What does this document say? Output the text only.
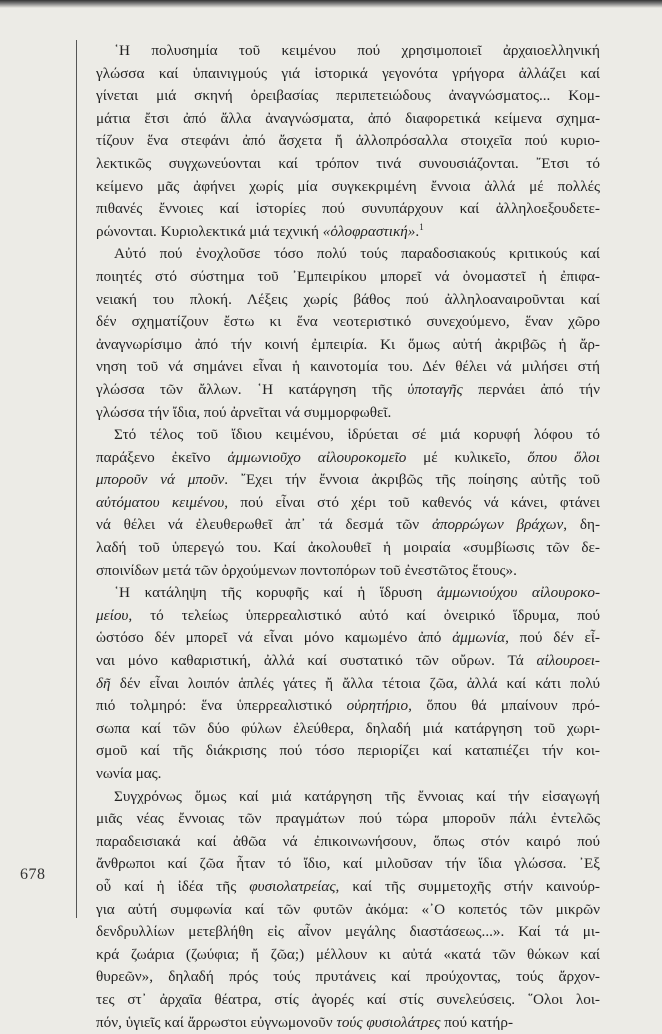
678
῾Η πολυσημία τοῦ κειμένου πού χρησιμοποιεῖ ἀρχαιοελληνική
γλώσσα καί ὑπαινιγμούς γιά ἱστορικά γεγονότα γρήγορα ἀλλάζει καί
γίνεται μιά σκηνή ὀρειβασίας περιπετειώδους ἀναγνώσματος... Κομ-
μάτια ἔτσι ἀπό ἄλλα ἀναγνώσματα, ἀπό διαφορετικά κείμενα σχημα-
τίζουν ἕνα στεφάνι ἀπό ἄσχετα ἤ ἀλλοπρόσαλλα στοιχεῖα πού κυριο-
λεκτικῶς συγχωνεύονται καί τρόπον τινά συνουσιάζονται. ῎Ετσι τό
κείμενο μᾶς ἀφήνει χωρίς μία συγκεκριμένη ἔννοια ἀλλά μέ πολλές
πιθανές ἔννοιες καί ἱστορίες πού συνυπάρχουν καί ἀλληλοεξουδετε-
ρώνονται. Κυριολεκτικά μιά τεχνική «ὁλοφραστική».$^1$
Αὐτό πού ἐνοχλοῦσε τόσο πολύ τούς παραδοσιακούς κριτικούς καί
ποιητές στό σύστημα τοῦ ᾿Εμπειρίκου μπορεῖ νά ὀνομαστεῖ ἡ ἐπιφα-
νειακή του πλοκή. Λέξεις χωρίς βάθος πού ἀλληλοαναιροῦνται καί
δέν σχηματίζουν ἔστω κι ἕνα νεοτεριστικό συνεχούμενο, ἕναν χῶρο
ἀναγνωρίσιμο ἀπό τήν κοινή ἐμπειρία. Κι ὅμως αὐτή ἀκριβῶς ἡ ἄρ-
νηση τοῦ νά σημάνει εἶναι ἡ καινοτομία του. Δέν θέλει νά μιλήσει στή
γλώσσα τῶν ἄλλων. ῾Η κατάργηση τῆς ὑποταγῆς περνάει ἀπό τήν
γλώσσα τήν ἴδια, πού ἀρνεῖται νά συμμορφωθεῖ.
Στό τέλος τοῦ ἴδιου κειμένου, ἱδρύεται σέ μιά κορυφή λόφου τό
παράξενο ἐκεῖνο ἀμμωνιοῦχο αἰλουροκομεῖο μέ κυλικεῖο, ὅπου ὅλοι
μποροῦν νά μποῦν. ῎Εχει τήν ἔννοια ἀκριβῶς τῆς ποίησης αὐτῆς τοῦ
αὐτόματου κειμένου, πού εἶναι στό χέρι τοῦ καθενός νά κάνει, φτάνει
νά θέλει νά ἐλευθερωθεῖ ἀπ᾿ τά δεσμά τῶν ἀπορρώγων βράχων, δη-
λαδή τοῦ ὑπερεγώ του. Καί ἀκολουθεῖ ἡ μοιραία «συμβίωσις τῶν δε-
σποινίδων μετά τῶν ὀρχούμενων ποντοπόρων τοῦ ἐνεστῶτος ἔτους».
῾Η κατάληψη τῆς κορυφῆς καί ἡ ἵδρυση ἀμμωνιούχου αἰλουροκο-
μείου, τό τελείως ὑπερρεαλιστικό αὐτό καί ὀνειρικό ἵδρυμα, πού
ὡστόσο δέν μπορεῖ νά εἶναι μόνο καμωμένο ἀπό ἀμμωνία, πού δέν εἶ-
ναι μόνο καθαριστική, ἀλλά καί συστατικό τῶν οὔρων. Τά αἰλουροει-
δῆ δέν εἶναι λοιπόν ἁπλές γάτες ἤ ἄλλα τέτοια ζῶα, ἀλλά καί κάτι πολύ
πιό τολμηρό: ἕνα ὑπερρεαλιστικό οὐρητήριο, ὅπου θά μπαίνουν πρό-
σωπα καί τῶν δύο φύλων ἐλεύθερα, δηλαδή μιά κατάργηση τοῦ χωρι-
σμοῦ καί τῆς διάκρισης πού τόσο περιορίζει καί καταπιέζει τήν κοι-
νωνία μας.
Συγχρόνως ὅμως καί μιά κατάργηση τῆς ἔννοιας καί τήν εἰσαγωγή
μιᾶς νέας ἔννοιας τῶν πραγμάτων πού τώρα μποροῦν πάλι ἐντελῶς
παραδεισιακά καί ἀθῶα νά ἐπικοινωνήσουν, ὅπως στόν καιρό πού
ἄνθρωποι καί ζῶα ἦταν τό ἴδιο, καί μιλοῦσαν τήν ἴδια γλώσσα. ᾿Εξ
οὗ καί ἡ ἰδέα τῆς φυσιολατρείας, καί τῆς συμμετοχῆς στήν καινούρ-
για αὐτή συμφωνία καί τῶν φυτῶν ἀκόμα: «᾿Ο κοπετός τῶν μικρῶν
δενδρυλλίων μετεβλήθη εἰς αἶνον μεγάλης διαστάσεως...». Καί τά μι-
κρά ζωάρια (ζωύφια; ἤ ζῶα;) μέλλουν κι αὐτά «κατά τῶν θώκων καί
θυρεῶν», δηλαδή πρός τούς πρυτάνεις καί πρoύχοντας, τούς ἄρχον-
τες στ᾿ ἀρχαῖα θέατρα, στίς ἀγορές καί στίς συνελεύσεις. ῞Ολοι λοι-
πόν, ὑγιεῖς καί ἄρρωστοι εὐγνωμονοῦν τούς φυσιολάτρες πού κατήρ-
